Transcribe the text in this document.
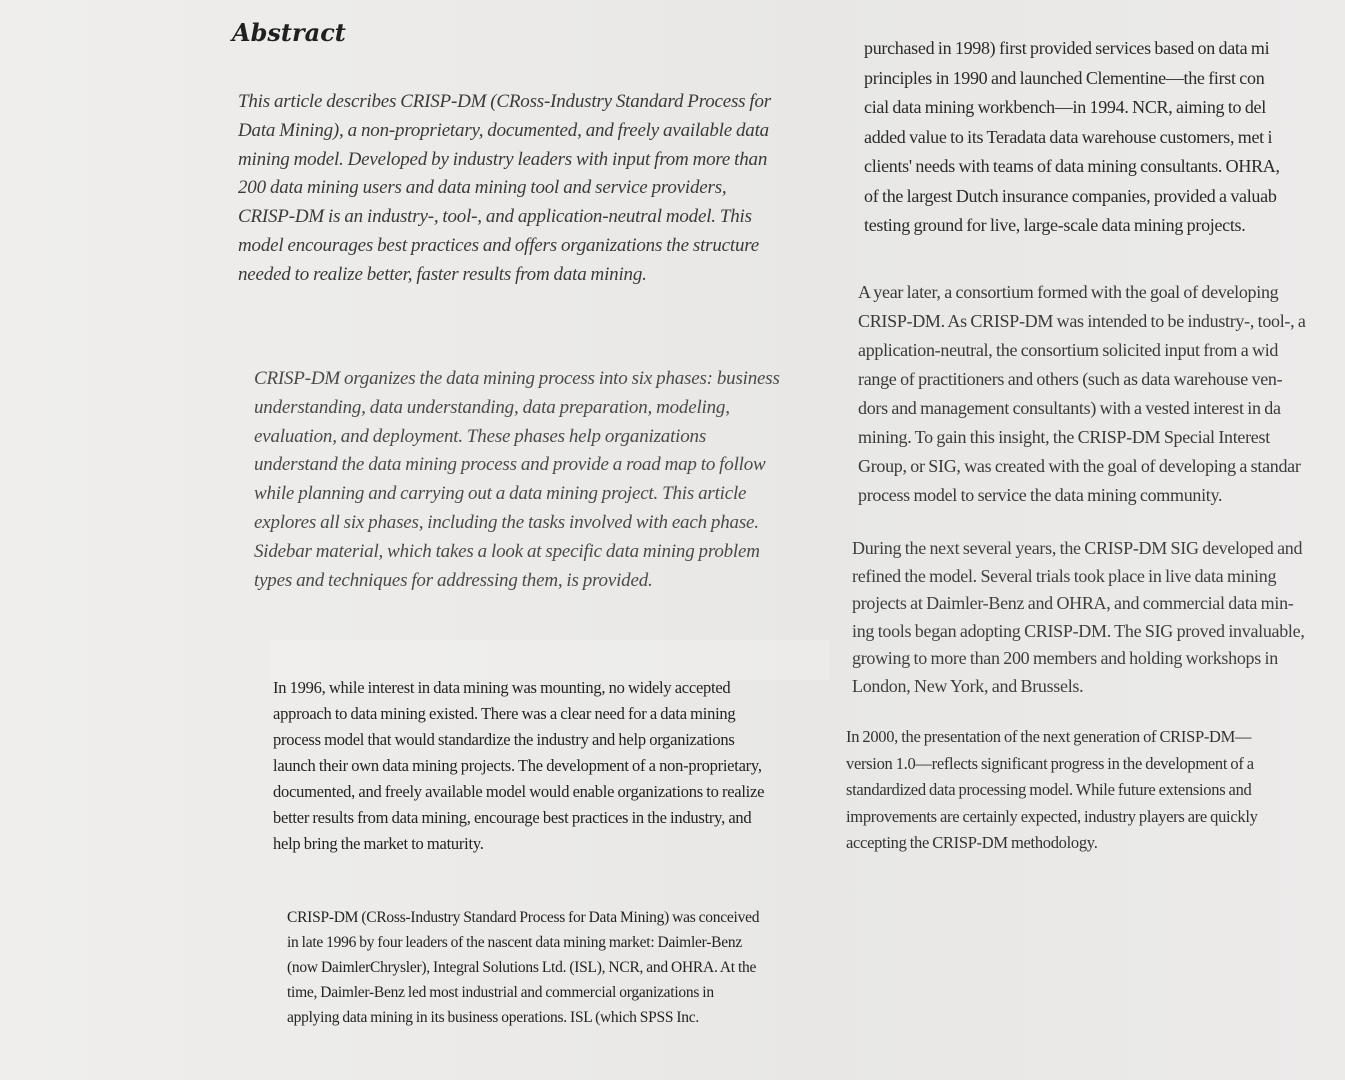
Abstract

This article describes CRISP-DM (CRoss-Industry Standard Process for Data Mining), a non-proprietary, documented, and freely available data mining model. Developed by industry leaders with input from more than 200 data mining users and data mining tool and service providers, CRISP-DM is an industry-, tool-, and application-neutral model. This model encourages best practices and offers organizations the structure needed to realize better, faster results from data mining.

CRISP-DM organizes the data mining process into six phases: business understanding, data understanding, data preparation, modeling, evaluation, and deployment. These phases help organizations understand the data mining process and provide a road map to follow while planning and carrying out a data mining project. This article explores all six phases, including the tasks involved with each phase. Sidebar material, which takes a look at specific data mining problem types and techniques for addressing them, is provided.

In 1996, while interest in data mining was mounting, no widely accepted approach to data mining existed. There was a clear need for a data mining process model that would standardize the industry and help organizations launch their own data mining projects. The development of a non-proprietary, documented, and freely available model would enable organizations to realize better results from data mining, encourage best practices in the industry, and help bring the market to maturity.

CRISP-DM (CRoss-Industry Standard Process for Data Mining) was conceived in late 1996 by four leaders of the nascent data mining market: Daimler-Benz (now DaimlerChrysler), Integral Solutions Ltd. (ISL), NCR, and OHRA. At the time, Daimler-Benz led most industrial and commercial organizations in applying data mining in its business operations. ISL (which SPSS Inc.

purchased in 1998) first provided services based on data mi
principles in 1990 and launched Clementine—the first con
cial data mining workbench—in 1994. NCR, aiming to del
added value to its Teradata data warehouse customers, met i
clients' needs with teams of data mining consultants. OHRA,
of the largest Dutch insurance companies, provided a valuab
testing ground for live, large-scale data mining projects.
A year later, a consortium formed with the goal of developing
CRISP-DM. As CRISP-DM was intended to be industry-, tool-, a
application-neutral, the consortium solicited input from a wid
range of practitioners and others (such as data warehouse ven-
dors and management consultants) with a vested interest in da
mining. To gain this insight, the CRISP-DM Special Interest
Group, or SIG, was created with the goal of developing a standar
process model to service the data mining community.
During the next several years, the CRISP-DM SIG developed and
refined the model. Several trials took place in live data mining
projects at Daimler-Benz and OHRA, and commercial data min-
ing tools began adopting CRISP-DM. The SIG proved invaluable,
growing to more than 200 members and holding workshops in
London, New York, and Brussels.
In 2000, the presentation of the next generation of CRISP-DM—
version 1.0—reflects significant progress in the development of a
standardized data processing model. While future extensions and
improvements are certainly expected, industry players are quickly
accepting the CRISP-DM methodology.
